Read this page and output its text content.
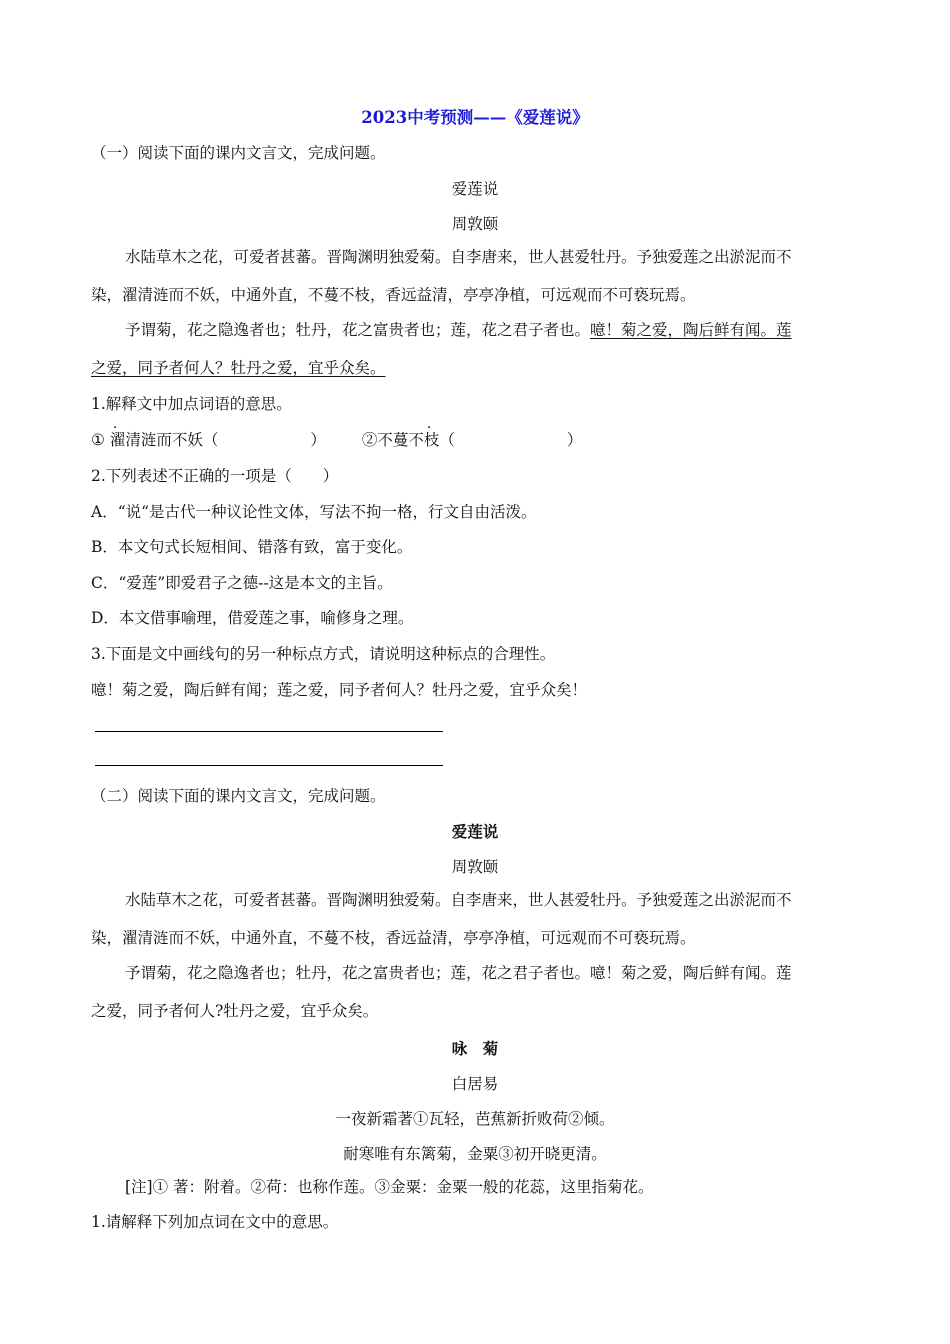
2023中考预测——《爱莲说》

（一）阅读下面的课内文言文，完成问题。

爱莲说

周敦颐

水陆草木之花，可爱者甚蕃。晋陶渊明独爱菊。自李唐来，世人甚爱牡丹。予独爱莲之出淤泥而不

染，濯清涟而不妖，中通外直，不蔓不枝，香远益清，亭亭净植，可远观而不可亵玩焉。

予谓菊，花之隐逸者也；牡丹，花之富贵者也；莲，花之君子者也。噫！菊之爱，陶后鲜有闻。莲

之爱，同予者何人？牡丹之爱，宜乎众矣。

1.解释文中加点词语的意思。

① 濯清涟而不妖（	） ②不蔓不枝（	）

2.下列表述不正确的一项是（　　）

A．“说“是古代一种议论性文体，写法不拘一格，行文自由活泼。

B．本文句式长短相间、错落有致，富于变化。

C．“爱莲”即爱君子之德--这是本文的主旨。

D．本文借事喻理，借爱莲之事，喻修身之理。

3.下面是文中画线句的另一种标点方式，请说明这种标点的合理性。

噫！菊之爱，陶后鲜有闻；莲之爱，同予者何人？牡丹之爱，宜乎众矣！

（二）阅读下面的课内文言文，完成问题。

爱莲说

周敦颐

水陆草木之花，可爱者甚蕃。晋陶渊明独爱菊。自李唐来，世人甚爱牡丹。予独爱莲之出淤泥而不

染，濯清涟而不妖，中通外直，不蔓不枝，香远益清，亭亭净植，可远观而不可亵玩焉。

予谓菊，花之隐逸者也；牡丹，花之富贵者也；莲，花之君子者也。噫！菊之爱，陶后鲜有闻。莲

之爱，同予者何人?牡丹之爱，宜乎众矣。

咏　菊

白居易

一夜新霜著①瓦轻，芭蕉新折败荷②倾。

耐寒唯有东篱菊，金粟③初开晓更清。

[注]① 著：附着。②荷：也称作莲。③金粟：金粟一般的花蕊，这里指菊花。

1.请解释下列加点词在文中的意思。
